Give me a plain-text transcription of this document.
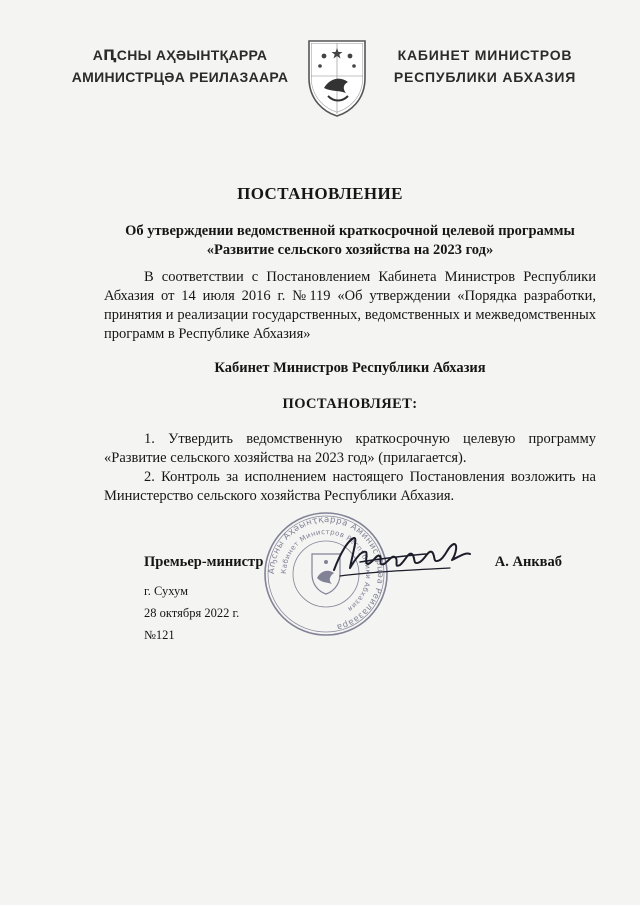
АԤСНЫ АҲӘЫНТҚАРРА
АМИНИСТРЦӘА РЕИЛАЗААРА
КАБИНЕТ МИНИСТРОВ
РЕСПУБЛИКИ АБХАЗИЯ
ПОСТАНОВЛЕНИЕ
Об утверждении ведомственной краткосрочной целевой программы «Развитие сельского хозяйства на 2023 год»
В соответствии с Постановлением Кабинета Министров Республики Абхазия от 14 июля 2016 г. №119 «Об утверждении «Порядка разработки, принятия и реализации государственных, ведомственных и межведомственных программ в Республике Абхазия»
Кабинет Министров Республики Абхазия
ПОСТАНОВЛЯЕТ:
1. Утвердить ведомственную краткосрочную целевую программу «Развитие сельского хозяйства на 2023 год» (прилагается).
2. Контроль за исполнением настоящего Постановления возложить на Министерство сельского хозяйства Республики Абхазия.
Аҧсны Аҳәынҭқарра Аминистрцәа Реилазаара
Кабинет Министров Республики Абхазия
Премьер-министр	А. Анкваб
г. Сухум
28 октября 2022 г.
№121
